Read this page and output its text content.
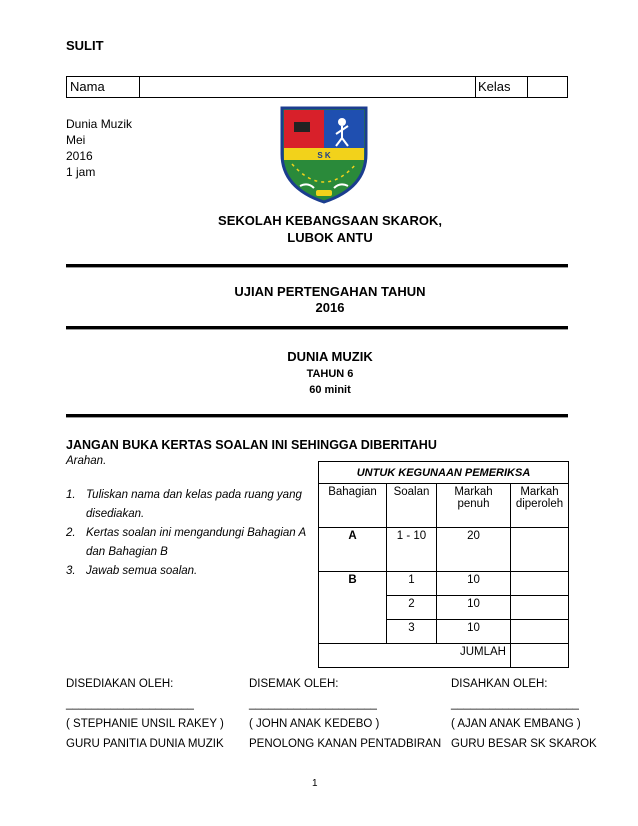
SULIT
Nama	Kelas
Dunia Muzik
Mei
2016
1 jam
S K
SEKOLAH KEBANGSAAN SKAROK,
LUBOK ANTU
UJIAN PERTENGAHAN TAHUN
2016
DUNIA MUZIK
TAHUN 6
60 minit
JANGAN BUKA KERTAS SOALAN INI SEHINGGA DIBERITAHU
Arahan.
1. Tuliskan nama dan kelas pada ruang yang disediakan.
2. Kertas soalan ini mengandungi Bahagian A dan Bahagian B
3. Jawab semua soalan.
UNTUK KEGUNAAN PEMERIKSA			
Bahagian	Soalan	Markah penuh	Markah diperoleh
A	1 - 10	20	
B	1	10	
	2	10	
	3	10	
JUMLAH			
DISEDIAKAN OLEH:
____________________
( STEPHANIE UNSIL RAKEY )
GURU PANITIA DUNIA MUZIK
DISEMAK OLEH:
____________________
( JOHN ANAK KEDEBO )
PENOLONG KANAN PENTADBIRAN
DISAHKAN OLEH:
____________________
( AJAN ANAK EMBANG )
GURU BESAR SK SKAROK
1
